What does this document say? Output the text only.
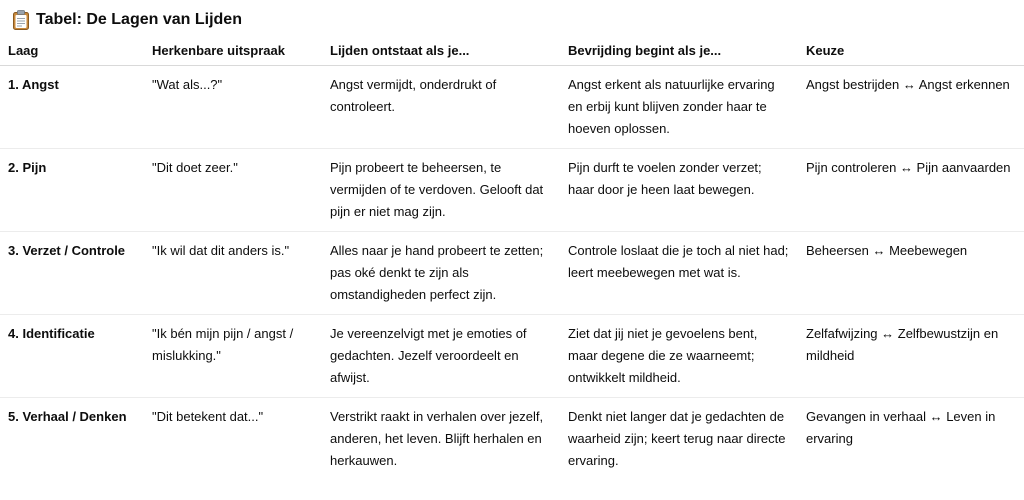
Tabel: De Lagen van Lijden
Laag	Herkenbare uitspraak	Lijden ontstaat als je...	Bevrijding begint als je...	Keuze
1. Angst	"Wat als...?"	Angst vermijdt, onderdrukt of controleert.	Angst erkent als natuurlijke ervaring en erbij kunt blijven zonder haar te hoeven oplossen.	Angst bestrijden ↔ Angst erkennen
2. Pijn	"Dit doet zeer."	Pijn probeert te beheersen, te vermijden of te verdoven. Gelooft dat pijn er niet mag zijn.	Pijn durft te voelen zonder verzet; haar door je heen laat bewegen.	Pijn controleren ↔ Pijn aanvaarden
3. Verzet / Controle	"Ik wil dat dit anders is."	Alles naar je hand probeert te zetten; pas oké denkt te zijn als omstandigheden perfect zijn.	Controle loslaat die je toch al niet had; leert meebewegen met wat is.	Beheersen ↔ Meebewegen
4. Identificatie	"Ik bén mijn pijn / angst / mislukking."	Je vereenzelvigt met je emoties of gedachten. Jezelf veroordeelt en afwijst.	Ziet dat jij niet je gevoelens bent, maar degene die ze waarneemt; ontwikkelt mildheid.	Zelfafwijzing ↔ Zelfbewustzijn en mildheid
5. Verhaal / Denken	"Dit betekent dat..."	Verstrikt raakt in verhalen over jezelf, anderen, het leven. Blijft herhalen en herkauwen.	Denkt niet langer dat je gedachten de waarheid zijn; keert terug naar directe ervaring.	Gevangen in verhaal ↔ Leven in ervaring
